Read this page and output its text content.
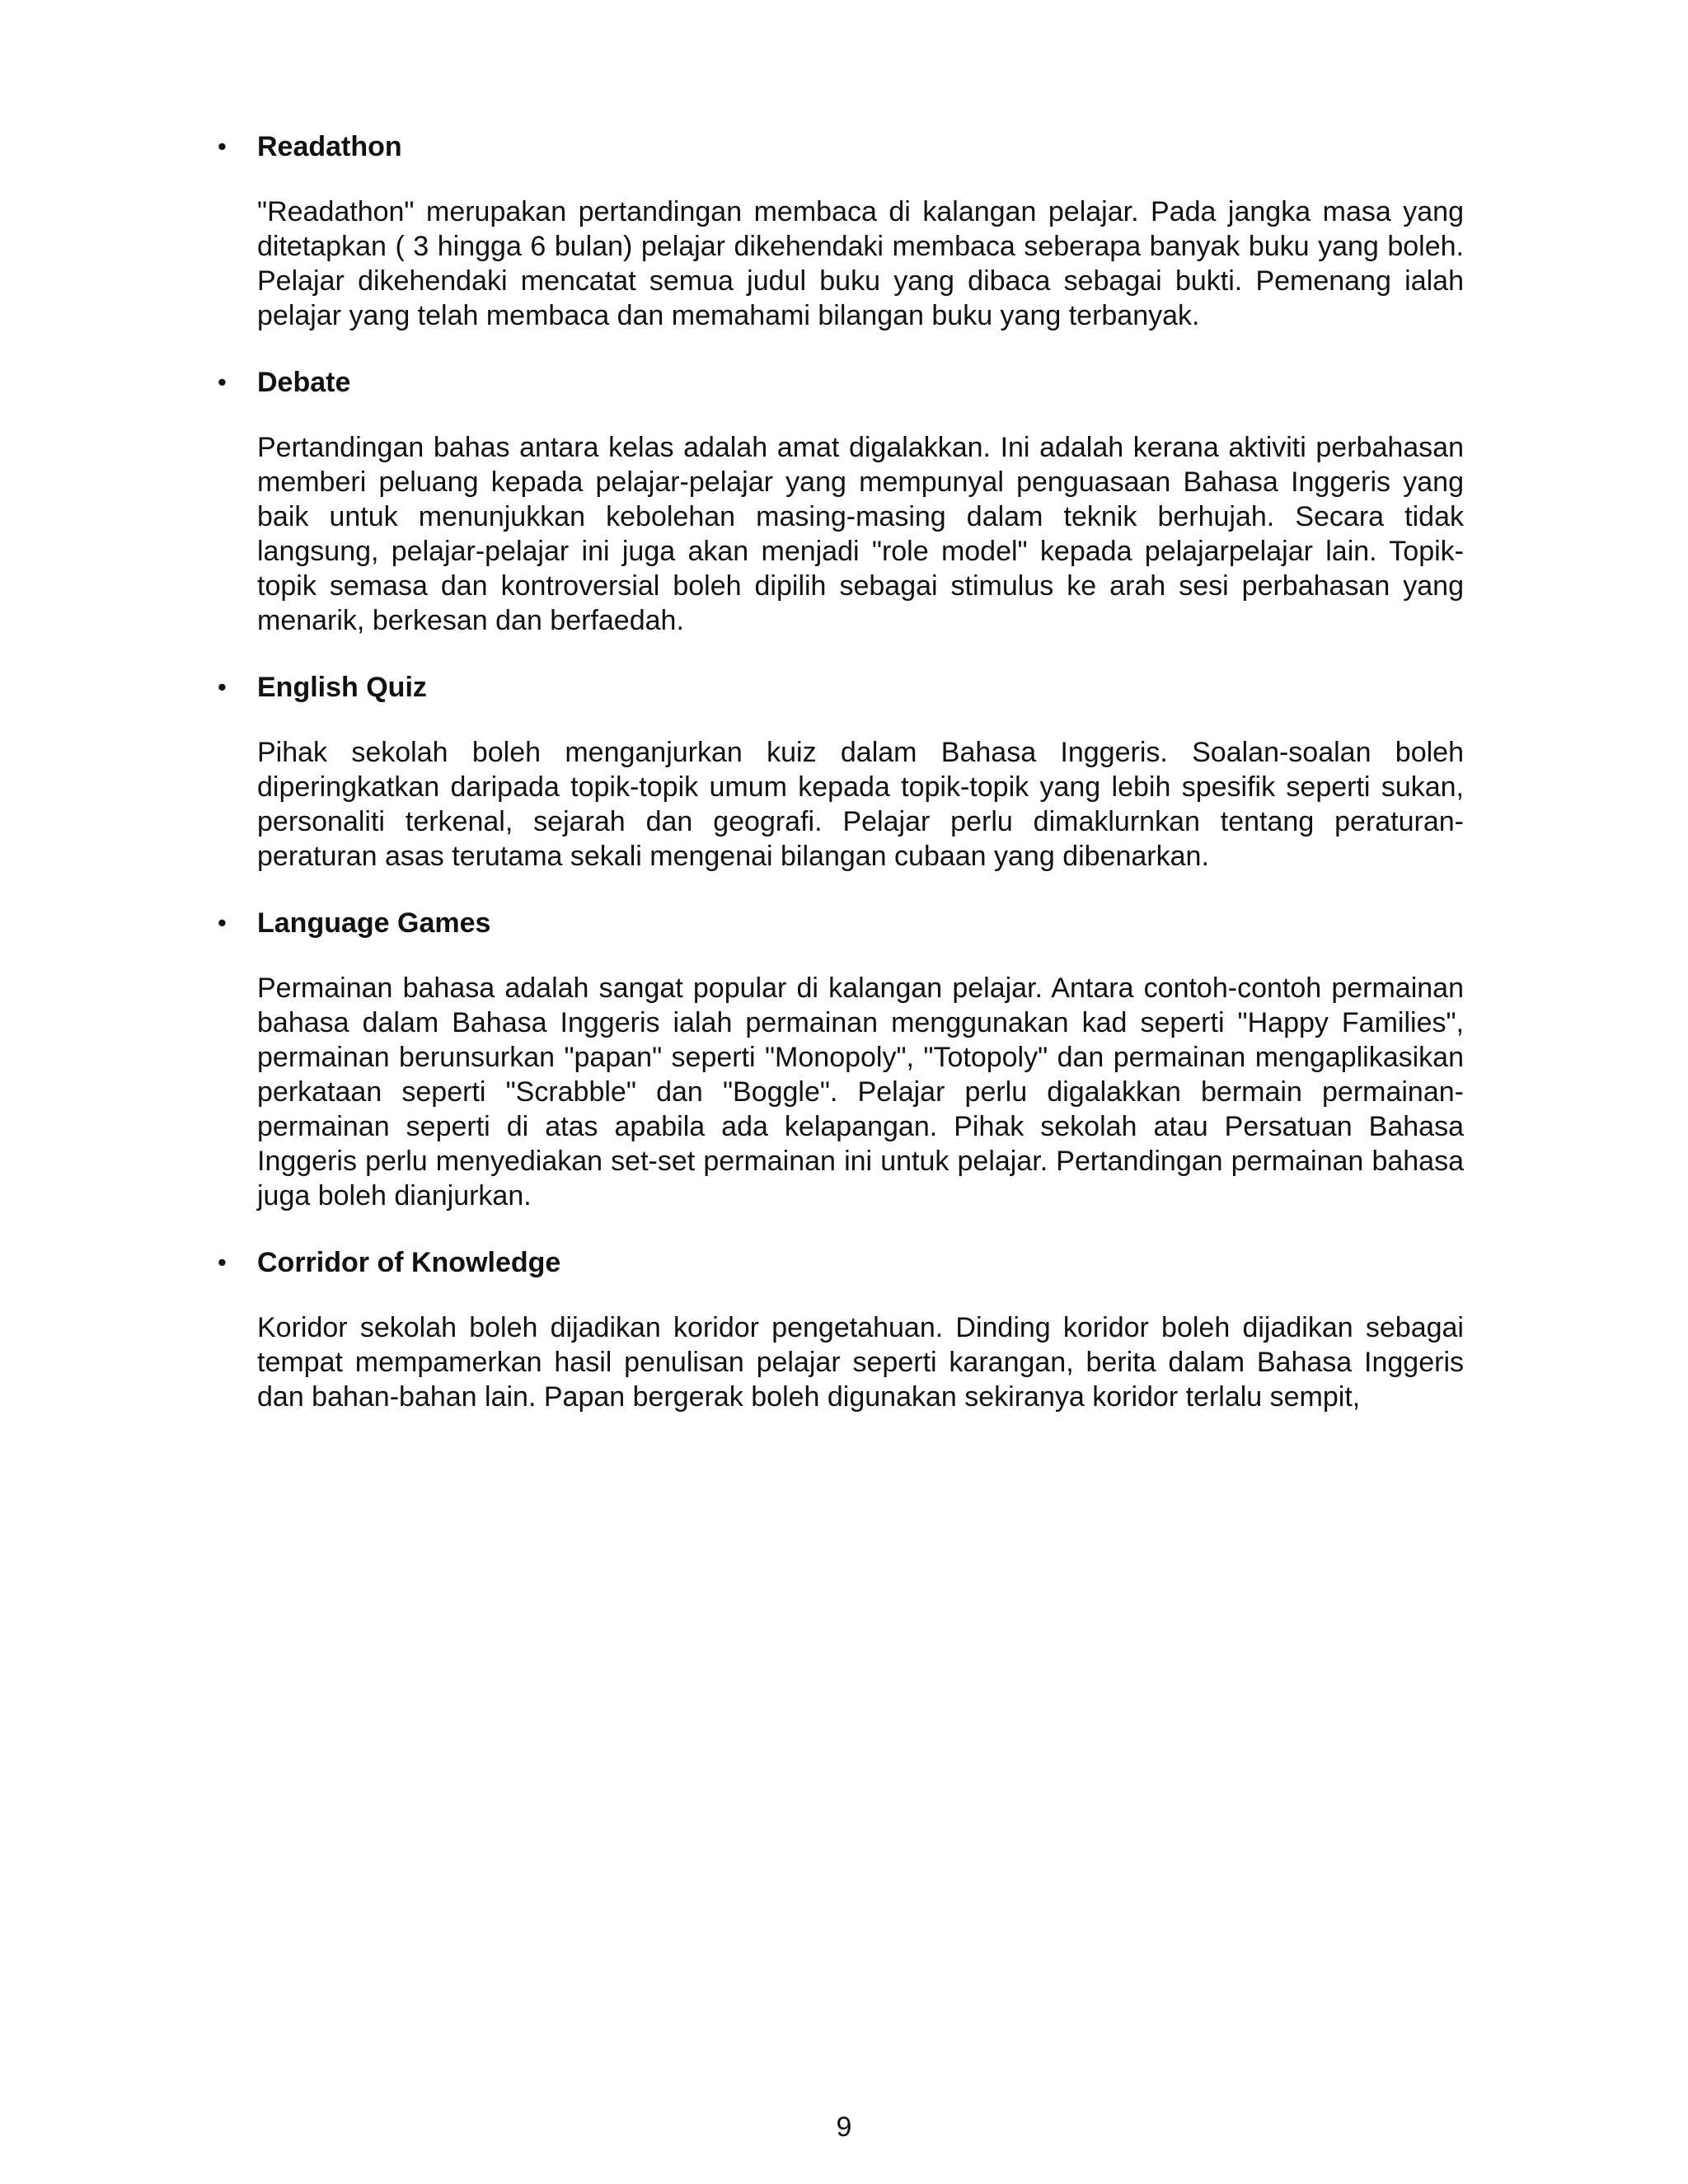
•	Readathon

"Readathon" merupakan pertandingan membaca di kalangan pelajar. Pada jangka masa yang ditetapkan ( 3 hingga 6 bulan) pelajar dikehendaki membaca seberapa banyak buku yang boleh. Pelajar dikehendaki mencatat semua judul buku yang dibaca sebagai bukti. Pemenang ialah pelajar yang telah membaca dan memahami bilangan buku yang terbanyak.

•	Debate

Pertandingan bahas antara kelas adalah amat digalakkan. Ini adalah kerana aktiviti perbahasan memberi peluang kepada pelajar-pelajar yang mempunyal penguasaan Bahasa Inggeris yang baik untuk menunjukkan kebolehan masing-masing dalam teknik berhujah. Secara tidak langsung, pelajar-pelajar ini juga akan menjadi "role model" kepada pelajarpelajar lain. Topik-topik semasa dan kontroversial boleh dipilih sebagai stimulus ke arah sesi perbahasan yang menarik, berkesan dan berfaedah.

•	English Quiz

Pihak sekolah boleh menganjurkan kuiz dalam Bahasa Inggeris. Soalan-soalan boleh diperingkatkan daripada topik-topik umum kepada topik-topik yang lebih spesifik seperti sukan, personaliti terkenal, sejarah dan geografi. Pelajar perlu dimaklurnkan tentang peraturan-peraturan asas terutama sekali mengenai bilangan cubaan yang dibenarkan.

•	Language Games

Permainan bahasa adalah sangat popular di kalangan pelajar. Antara contoh-contoh permainan bahasa dalam Bahasa Inggeris ialah permainan menggunakan kad seperti "Happy Families", permainan berunsurkan "papan" seperti "Monopoly", "Totopoly" dan permainan mengaplikasikan perkataan seperti "Scrabble" dan "Boggle". Pelajar perlu digalakkan bermain permainan-permainan seperti di atas apabila ada kelapangan. Pihak sekolah atau Persatuan Bahasa Inggeris perlu menyediakan set-set permainan ini untuk pelajar. Pertandingan permainan bahasa juga boleh dianjurkan.

•	Corridor of Knowledge

Koridor sekolah boleh dijadikan koridor pengetahuan. Dinding koridor boleh dijadikan sebagai tempat mempamerkan hasil penulisan pelajar seperti karangan, berita dalam Bahasa Inggeris dan bahan-bahan lain. Papan bergerak boleh digunakan sekiranya koridor terlalu sempit,

9
